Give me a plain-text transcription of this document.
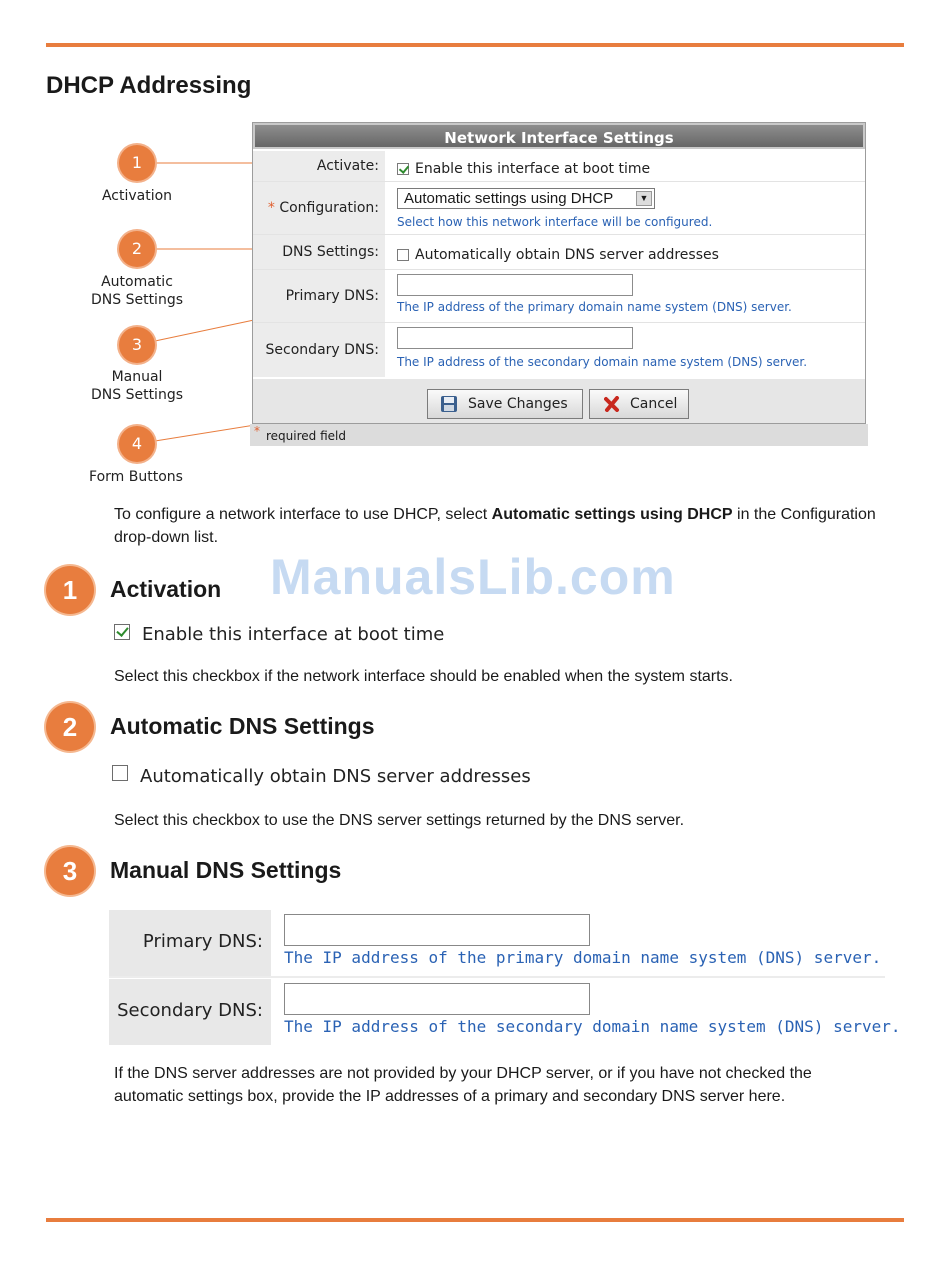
DHCP Addressing
1
Activation
2
Automatic
DNS Settings
3
Manual
DNS Settings
4
Form Buttons
Network Interface Settings
Activate:	Enable this interface at boot time
* Configuration:
Automatic settings using DHCP	▼
Select how this network interface will be configured.
DNS Settings:	Automatically obtain DNS server addresses
Primary DNS:
The IP address of the primary domain name system (DNS) server.
Secondary DNS:
The IP address of the secondary domain name system (DNS) server.
Save Changes	Cancel
* required field
To configure a network interface to use DHCP, select Automatic settings using DHCP in the Configuration drop-down list.
ManualsLib.com
1	Activation
Enable this interface at boot time
Select this checkbox if the network interface should be enabled when the system starts.
2	Automatic DNS Settings
Automatically obtain DNS server addresses
Select this checkbox to use the DNS server settings returned by the DNS server.
3	Manual DNS Settings
Primary DNS:
The IP address of the primary domain name system (DNS) server.
Secondary DNS:
The IP address of the secondary domain name system (DNS) server.
If the DNS server addresses are not provided by your DHCP server, or if you have not checked the automatic settings box, provide the IP addresses of a primary and secondary DNS server here.
